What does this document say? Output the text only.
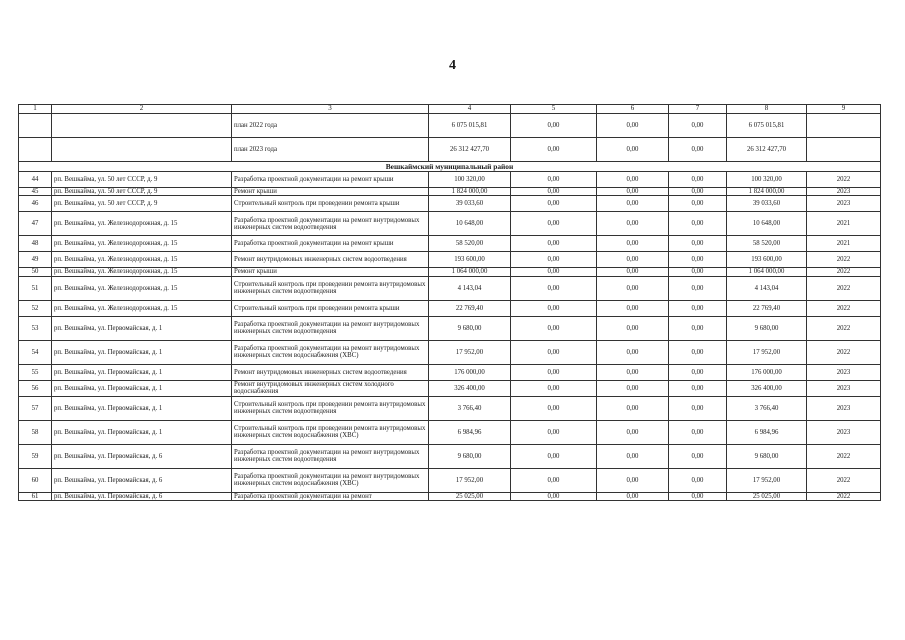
4
1	2	3	4	5	6	7	8	9
		план 2022 года	6 075 015,81	0,00	0,00	0,00	6 075 015,81	
		план 2023 года	26 312 427,70	0,00	0,00	0,00	26 312 427,70	
Вешкаймский муниципальный район								
44	рп. Вешкайма, ул. 50 лет СССР, д. 9	Разработка проектной документации на ремонт крыши	100 320,00	0,00	0,00	0,00	100 320,00	2022
45	рп. Вешкайма, ул. 50 лет СССР, д. 9	Ремонт крыши	1 824 000,00	0,00	0,00	0,00	1 824 000,00	2023
46	рп. Вешкайма, ул. 50 лет СССР, д. 9	Строительный контроль при проведении ремонта крыши	39 033,60	0,00	0,00	0,00	39 033,60	2023
47	рп. Вешкайма, ул. Железнодорожная, д. 15	Разработка проектной документации на ремонт внутридомовых инженерных систем водоотведения	10 648,00	0,00	0,00	0,00	10 648,00	2021
48	рп. Вешкайма, ул. Железнодорожная, д. 15	Разработка проектной документации на ремонт крыши	58 520,00	0,00	0,00	0,00	58 520,00	2021
49	рп. Вешкайма, ул. Железнодорожная, д. 15	Ремонт внутридомовых инженерных систем водоотведения	193 600,00	0,00	0,00	0,00	193 600,00	2022
50	рп. Вешкайма, ул. Железнодорожная, д. 15	Ремонт крыши	1 064 000,00	0,00	0,00	0,00	1 064 000,00	2022
51	рп. Вешкайма, ул. Железнодорожная, д. 15	Строительный контроль при проведении ремонта внутридомовых инженерных систем водоотведения	4 143,04	0,00	0,00	0,00	4 143,04	2022
52	рп. Вешкайма, ул. Железнодорожная, д. 15	Строительный контроль при проведении ремонта крыши	22 769,40	0,00	0,00	0,00	22 769,40	2022
53	рп. Вешкайма, ул. Первомайская, д. 1	Разработка проектной документации на ремонт внутридомовых инженерных систем водоотведения	9 680,00	0,00	0,00	0,00	9 680,00	2022
54	рп. Вешкайма, ул. Первомайская, д. 1	Разработка проектной документации на ремонт внутридомовых инженерных систем водоснабжения (ХВС)	17 952,00	0,00	0,00	0,00	17 952,00	2022
55	рп. Вешкайма, ул. Первомайская, д. 1	Ремонт внутридомовых инженерных систем водоотведения	176 000,00	0,00	0,00	0,00	176 000,00	2023
56	рп. Вешкайма, ул. Первомайская, д. 1	Ремонт внутридомовых инженерных систем холодного водоснабжения	326 400,00	0,00	0,00	0,00	326 400,00	2023
57	рп. Вешкайма, ул. Первомайская, д. 1	Строительный контроль при проведении ремонта внутридомовых инженерных систем водоотведения	3 766,40	0,00	0,00	0,00	3 766,40	2023
58	рп. Вешкайма, ул. Первомайская, д. 1	Строительный контроль при проведении ремонта внутридомовых инженерных систем водоснабжения (ХВС)	6 984,96	0,00	0,00	0,00	6 984,96	2023
59	рп. Вешкайма, ул. Первомайская, д. 6	Разработка проектной документации на ремонт внутридомовых инженерных систем водоотведения	9 680,00	0,00	0,00	0,00	9 680,00	2022
60	рп. Вешкайма, ул. Первомайская, д. 6	Разработка проектной документации на ремонт внутридомовых инженерных систем водоснабжения (ХВС)	17 952,00	0,00	0,00	0,00	17 952,00	2022
61	рп. Вешкайма, ул. Первомайская, д. 6	Разработка проектной документации на ремонт	25 025,00	0,00	0,00	0,00	25 025,00	2022
